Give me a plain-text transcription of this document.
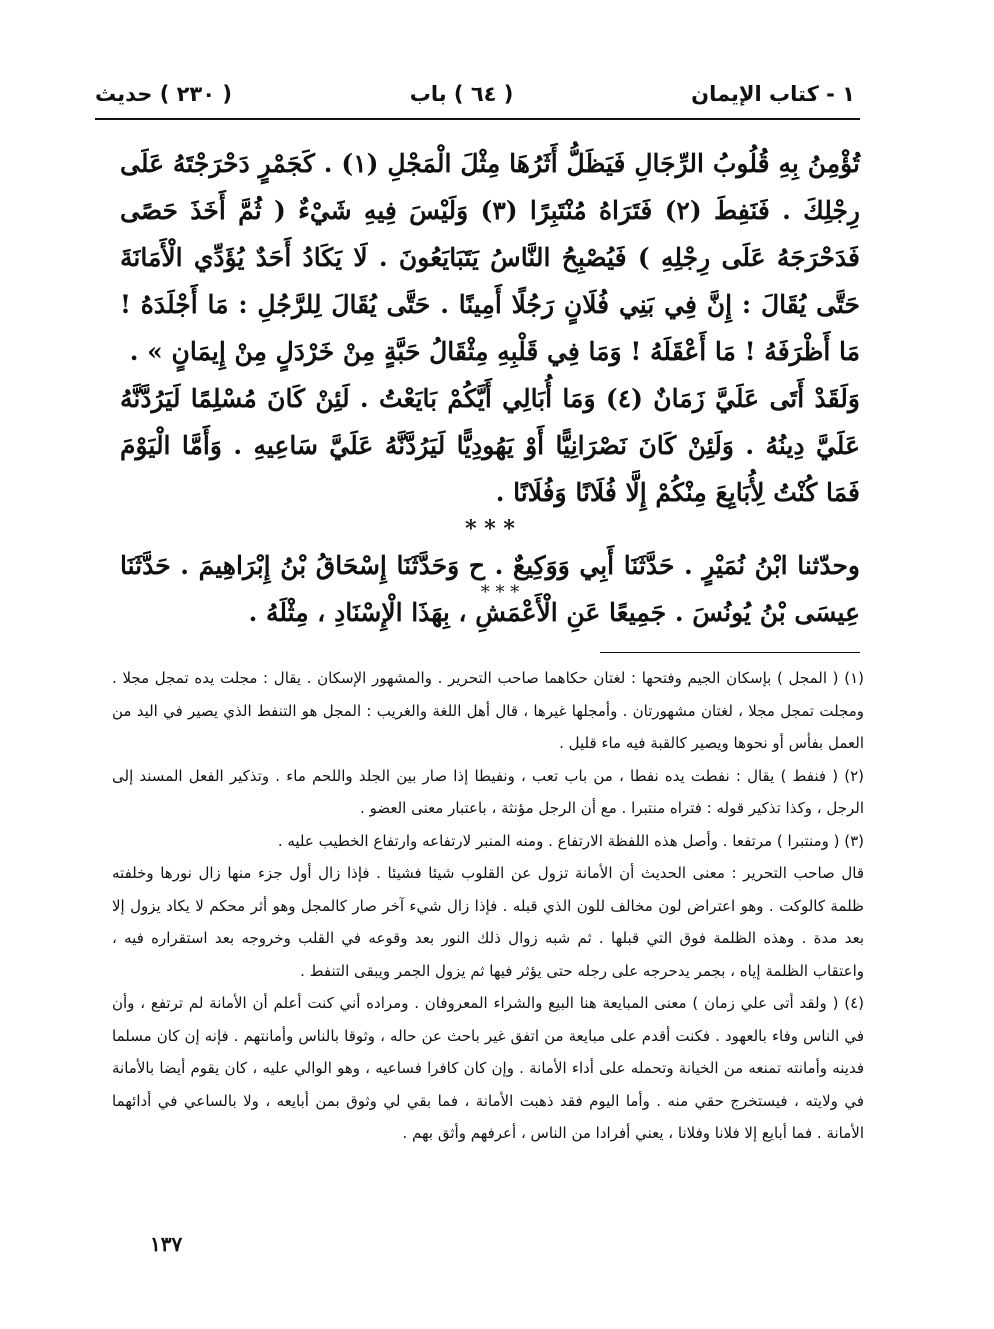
١ - كتاب الإيمان
( ٦٤ ) باب
( ٢٣٠ ) حديث

تُؤْمِنُ بِهِ قُلُوبُ الرِّجَالِ فَيَظَلُّ أَثَرُهَا مِثْلَ الْمَجْلِ (١) . كَجَمْرٍ دَحْرَجْتَهُ عَلَى رِجْلِكَ . فَنَفِطَ (٢) فَتَرَاهُ مُنْتَبِرًا (٣) وَلَيْسَ فِيهِ شَيْءٌ ( ثُمَّ أَخَذَ حَصًى فَدَحْرَجَهُ عَلَى رِجْلِهِ ) فَيُصْبِحُ النَّاسُ يَتَبَايَعُونَ . لَا يَكَادُ أَحَدٌ يُؤَدِّي الْأَمَانَةَ حَتَّى يُقَالَ : إِنَّ فِي بَنِي فُلَانٍ رَجُلًا أَمِينًا . حَتَّى يُقَالَ لِلرَّجُلِ : مَا أَجْلَدَهُ ! مَا أَظْرَفَهُ ! مَا أَعْقَلَهُ ! وَمَا فِي قَلْبِهِ مِثْقَالُ حَبَّةٍ مِنْ خَرْدَلٍ مِنْ إِيمَانٍ » .

وَلَقَدْ أَتَى عَلَيَّ زَمَانٌ (٤) وَمَا أُبَالِي أَيَّكُمْ بَايَعْتُ . لَئِنْ كَانَ مُسْلِمًا لَيَرُدَّنَّهُ عَلَيَّ دِينُهُ . وَلَئِنْ كَانَ نَصْرَانِيًّا أَوْ يَهُودِيًّا لَيَرُدَّنَّهُ عَلَيَّ سَاعِيهِ . وَأَمَّا الْيَوْمَ فَمَا كُنْتُ لِأُبَايِعَ مِنْكُمْ إِلَّا فُلَانًا وَفُلَانًا .

* * *

وحدّثنا ابْنُ نُمَيْرٍ . حَدَّثَنَا أَبِي وَوَكِيعٌ . ح وَحَدَّثَنَا إِسْحَاقُ بْنُ إِبْرَاهِيمَ . حَدَّثَنَا عِيسَى بْنُ يُونُسَ . جَمِيعًا عَنِ الْأَعْمَشِ ، بِهَذَا الْإِسْنَادِ ، مِثْلَهُ .

* * *

(١) ( المجل ) بإسكان الجيم وفتحها : لغتان حكاهما صاحب التحرير . والمشهور الإسكان . يقال : مجلت يده تمجل مجلا . ومجلت تمجل مجلا ، لغتان مشهورتان . وأمجلها غيرها ، قال أهل اللغة والغريب : المجل هو التنفط الذي يصير في اليد من العمل بفأس أو نحوها ويصير كالقبة فيه ماء قليل .

(٢) ( فنفط ) يقال : نفطت يده نفطا ، من باب تعب ، ونفيطا إذا صار بين الجلد واللحم ماء . وتذكير الفعل المسند إلى الرجل ، وكذا تذكير قوله : فتراه منتبرا . مع أن الرجل مؤنثة ، باعتبار معنى العضو .

(٣) ( ومنتبرا ) مرتفعا . وأصل هذه اللفظة الارتفاع . ومنه المنبر لارتفاعه وارتفاع الخطيب عليه .

قال صاحب التحرير : معنى الحديث أن الأمانة تزول عن القلوب شيئا فشيئا . فإذا زال أول جزء منها زال نورها وخلفته ظلمة كالوكت . وهو اعتراض لون مخالف للون الذي قبله . فإذا زال شيء آخر صار كالمجل وهو أثر محكم لا يكاد يزول إلا بعد مدة . وهذه الظلمة فوق التي قبلها . ثم شبه زوال ذلك النور بعد وقوعه في القلب وخروجه بعد استقراره فيه ، واعتقاب الظلمة إياه ، بجمر يدحرجه على رجله حتى يؤثر فيها ثم يزول الجمر ويبقى التنفط .

(٤) ( ولقد أتى علي زمان ) معنى المبايعة هنا البيع والشراء المعروفان . ومراده أني كنت أعلم أن الأمانة لم ترتفع ، وأن في الناس وفاء بالعهود . فكنت أقدم على مبايعة من اتفق غير باحث عن حاله ، وثوقا بالناس وأمانتهم . فإنه إن كان مسلما فدينه وأمانته تمنعه من الخيانة وتحمله على أداء الأمانة . وإن كان كافرا فساعيه ، وهو الوالي عليه ، كان يقوم أيضا بالأمانة في ولايته ، فيستخرج حقي منه . وأما اليوم فقد ذهبت الأمانة ، فما بقي لي وثوق بمن أبايعه ، ولا بالساعي في أدائهما الأمانة . فما أبايع إلا فلانا وفلانا ، يعني أفرادا من الناس ، أعرفهم وأثق بهم .

١٣٧
